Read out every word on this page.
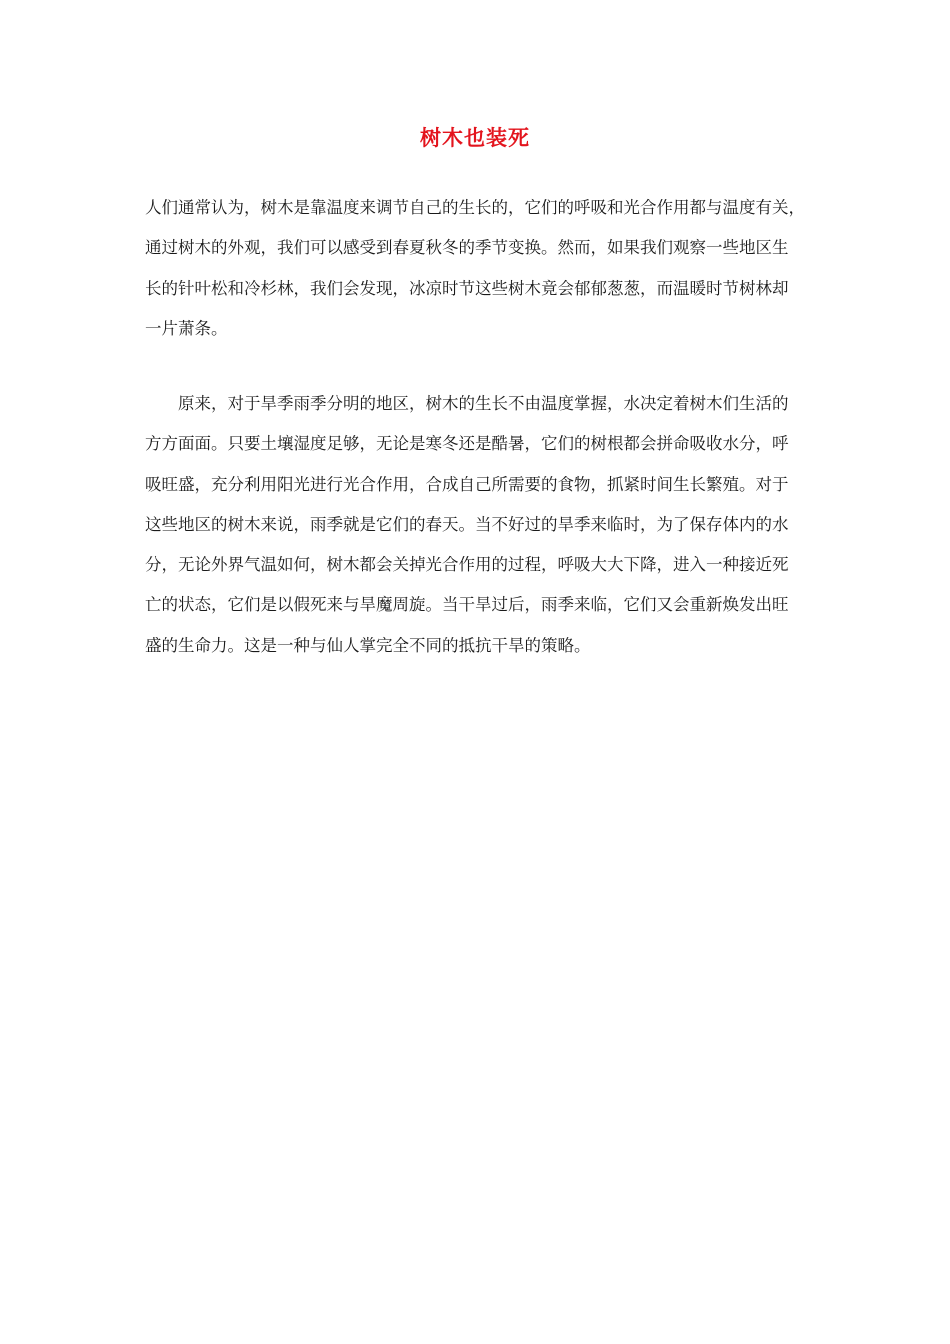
树木也装死

人们通常认为，树木是靠温度来调节自己的生长的，它们的呼吸和光合作用都与温度有关，
通过树木的外观，我们可以感受到春夏秋冬的季节变换。然而，如果我们观察一些地区生
长的针叶松和冷杉林，我们会发现，冰凉时节这些树木竟会郁郁葱葱，而温暖时节树林却
一片萧条。

原来，对于旱季雨季分明的地区，树木的生长不由温度掌握，水决定着树木们生活的
方方面面。只要土壤湿度足够，无论是寒冬还是酷暑，它们的树根都会拼命吸收水分，呼
吸旺盛，充分利用阳光进行光合作用，合成自己所需要的食物，抓紧时间生长繁殖。对于
这些地区的树木来说，雨季就是它们的春天。当不好过的旱季来临时，为了保存体内的水
分，无论外界气温如何，树木都会关掉光合作用的过程，呼吸大大下降，进入一种接近死
亡的状态，它们是以假死来与旱魔周旋。当干旱过后，雨季来临，它们又会重新焕发出旺
盛的生命力。这是一种与仙人掌完全不同的抵抗干旱的策略。
